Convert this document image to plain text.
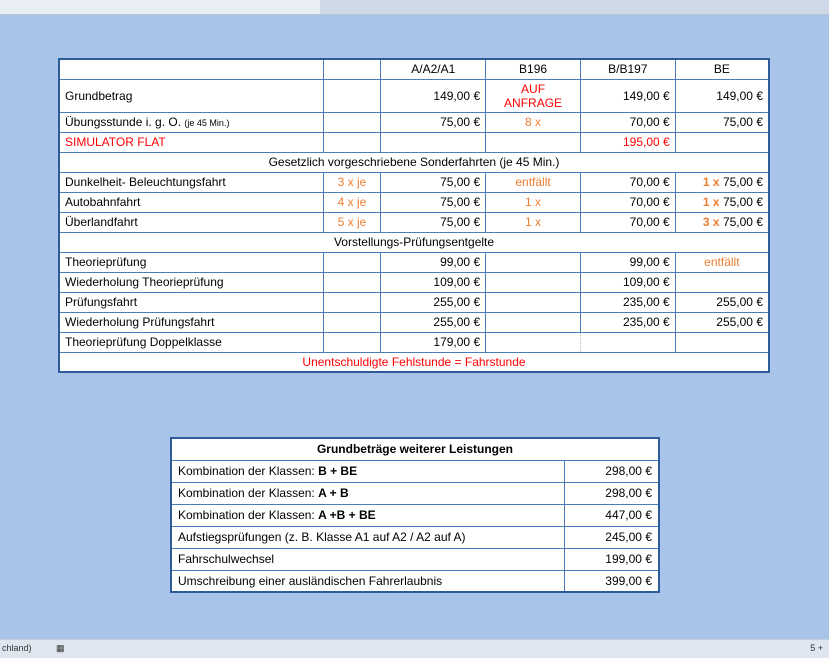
		A/A2/A1	B196	B/B197	BE
Grundbetrag		149,00 €	AUF ANFRAGE	149,00 €	149,00 €
Übungsstunde i. g. O. (je 45 Min.)		75,00 €	8 x	70,00 €	75,00 €
SIMULATOR FLAT				195,00 €	
Gesetzlich vorgeschriebene Sonderfahrten (je 45 Min.)					
Dunkelheit- Beleuchtungsfahrt	3 x je	75,00 €	entfällt	70,00 €	1 x 75,00 €
Autobahnfahrt	4 x je	75,00 €	1 x	70,00 €	1 x 75,00 €
Überlandfahrt	5 x je	75,00 €	1 x	70,00 €	3 x 75,00 €
Vorstellungs-Prüfungsentgelte					
Theorieprüfung		99,00 €		99,00 €	entfällt
Wiederholung Theorieprüfung		109,00 €		109,00 €	
Prüfungsfahrt		255,00 €		235,00 €	255,00 €
Wiederholung Prüfungsfahrt		255,00 €		235,00 €	255,00 €
Theorieprüfung Doppelklasse		179,00 €			
Unentschuldigte Fehlstunde = Fahrstunde					
Grundbeträge weiterer Leistungen	
Kombination der Klassen: B + BE	298,00 €
Kombination der Klassen: A + B	298,00 €
Kombination der Klassen: A +B + BE	447,00 €
Aufstiegsprüfungen (z. B. Klasse A1 auf A2 / A2 auf A)	245,00 €
Fahrschulwechsel	199,00 €
Umschreibung einer ausländischen Fahrerlaubnis	399,00 €
chland)	▦	5 +
